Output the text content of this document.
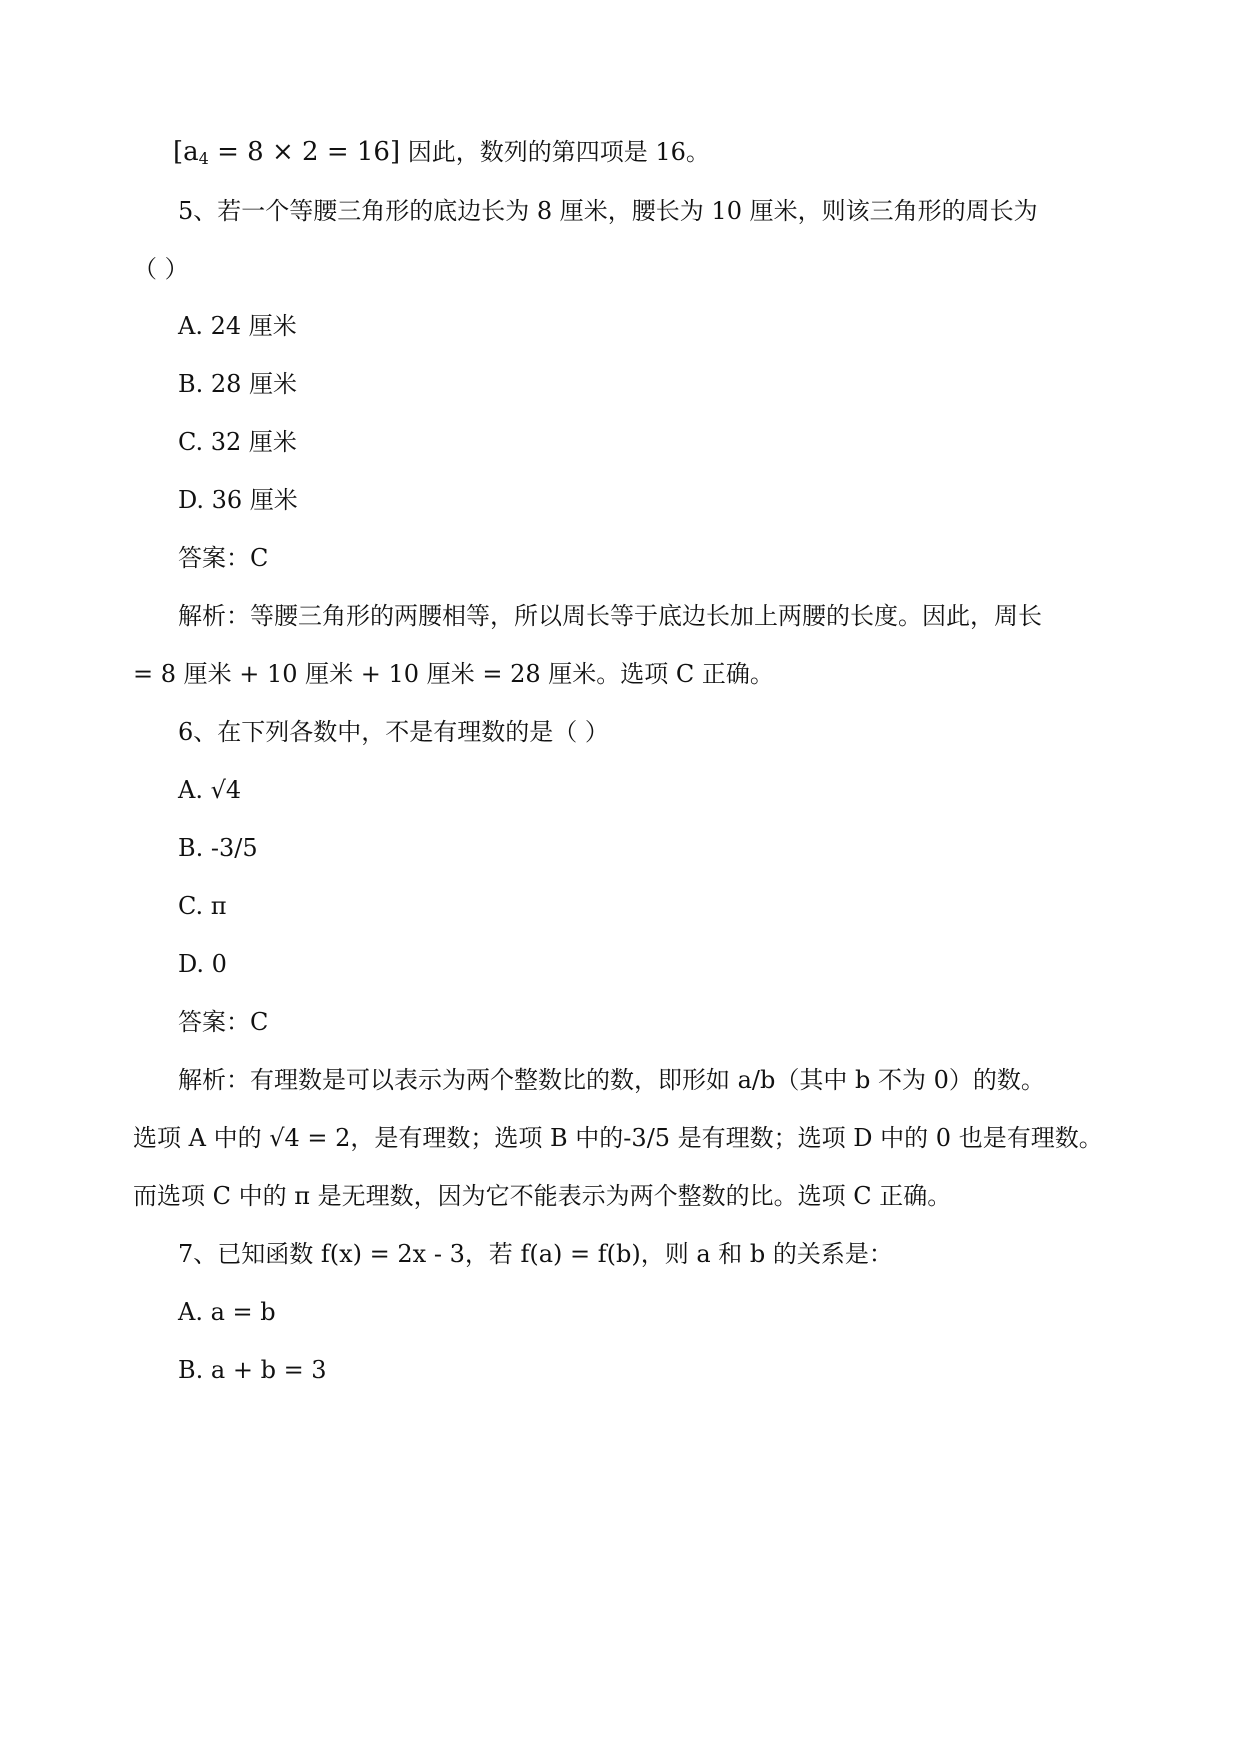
$[a_4 = 8 \times 2 = 16]$ 因此，数列的第四项是 16。
5、若一个等腰三角形的底边长为 8 厘米，腰长为 10 厘米，则该三角形的周长为
（ ）
A. 24 厘米
B. 28 厘米
C. 32 厘米
D. 36 厘米
答案：C
解析：等腰三角形的两腰相等，所以周长等于底边长加上两腰的长度。因此，周长
= 8 厘米 + 10 厘米 + 10 厘米 = 28 厘米。选项 C 正确。
6、在下列各数中，不是有理数的是（ ）
A. √4
B. -3/5
C. π
D. 0
答案：C
解析：有理数是可以表示为两个整数比的数，即形如 a/b（其中 b 不为 0）的数。
选项 A 中的 √4 = 2，是有理数；选项 B 中的-3/5 是有理数；选项 D 中的 0 也是有理数。
而选项 C 中的 π 是无理数，因为它不能表示为两个整数的比。选项 C 正确。
7、已知函数 f(x) = 2x - 3，若 f(a) = f(b)，则 a 和 b 的关系是：
A. a = b
B. a + b = 3
